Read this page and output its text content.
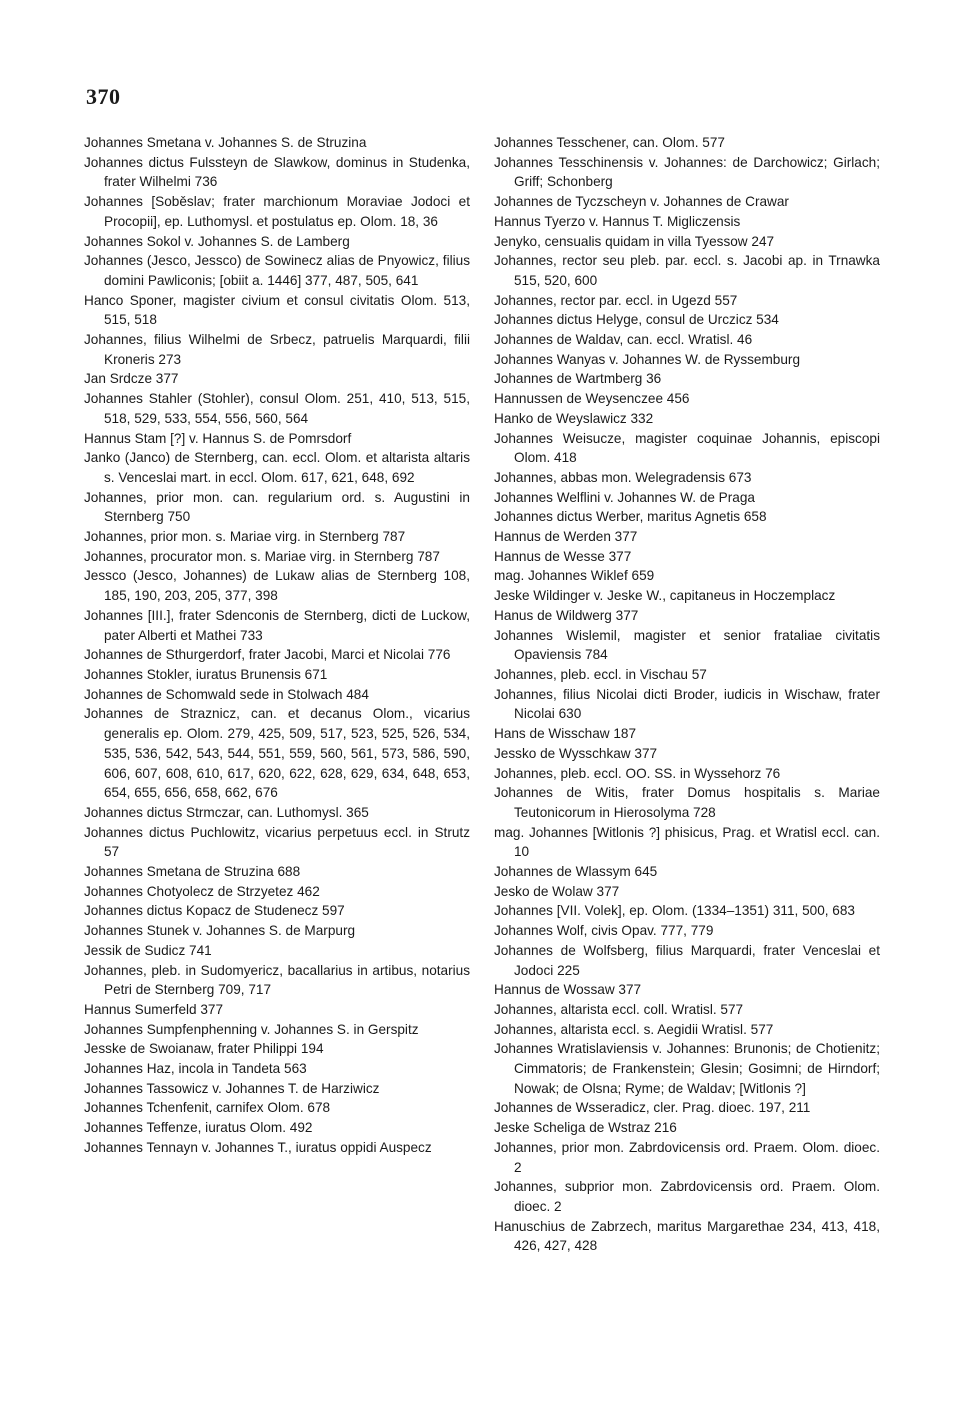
370

Johannes Smetana v. Johannes S. de Struzina

Johannes dictus Fulssteyn de Slawkow, dominus in Studenka, frater Wilhelmi 736

Johannes [Soběslav; frater marchionum Moraviae Jodoci et Procopii], ep. Luthomysl. et postulatus ep. Olom. 18, 36

Johannes Sokol v. Johannes S. de Lamberg

Johannes (Jesco, Jessco) de Sowinecz alias de Pnyowicz, filius domini Pawliconis; [obiit a. 1446] 377, 487, 505, 641

Hanco Sponer, magister civium et consul civitatis Olom. 513, 515, 518

Johannes, filius Wilhelmi de Srbecz, patruelis Marquardi, filii Kroneris 273

Jan Srdcze 377

Johannes Stahler (Stohler), consul Olom. 251, 410, 513, 515, 518, 529, 533, 554, 556, 560, 564

Hannus Stam [?] v. Hannus S. de Pomrsdorf

Janko (Janco) de Sternberg, can. eccl. Olom. et altarista altaris s. Venceslai mart. in eccl. Olom. 617, 621, 648, 692

Johannes, prior mon. can. regularium ord. s. Augustini in Sternberg 750

Johannes, prior mon. s. Mariae virg. in Sternberg 787

Johannes, procurator mon. s. Mariae virg. in Sternberg 787

Jessco (Jesco, Johannes) de Lukaw alias de Sternberg 108, 185, 190, 203, 205, 377, 398

Johannes [III.], frater Sdenconis de Sternberg, dicti de Luckow, pater Alberti et Mathei 733

Johannes de Sthurgerdorf, frater Jacobi, Marci et Nicolai 776

Johannes Stokler, iuratus Brunensis 671

Johannes de Schomwald sede in Stolwach 484

Johannes de Straznicz, can. et decanus Olom., vicarius generalis ep. Olom. 279, 425, 509, 517, 523, 525, 526, 534, 535, 536, 542, 543, 544, 551, 559, 560, 561, 573, 586, 590, 606, 607, 608, 610, 617, 620, 622, 628, 629, 634, 648, 653, 654, 655, 656, 658, 662, 676

Johannes dictus Strmczar, can. Luthomysl. 365

Johannes dictus Puchlowitz, vicarius perpetuus eccl. in Strutz 57

Johannes Smetana de Struzina 688

Johannes Chotyolecz de Strzyetez 462

Johannes dictus Kopacz de Studenecz 597

Johannes Stunek v. Johannes S. de Marpurg

Jessik de Sudicz 741

Johannes, pleb. in Sudomyericz, bacallarius in artibus, notarius Petri de Sternberg 709, 717

Hannus Sumerfeld 377

Johannes Sumpfenphenning v. Johannes S. in Gerspitz

Jesske de Swoianaw, frater Philippi 194

Johannes Haz, incola in Tandeta 563

Johannes Tassowicz v. Johannes T. de Harziwicz

Johannes Tchenfenit, carnifex Olom. 678

Johannes Teffenze, iuratus Olom. 492

Johannes Tennayn v. Johannes T., iuratus oppidi Auspecz

Johannes Tesschener, can. Olom. 577

Johannes Tesschinensis v. Johannes: de Darchowicz; Girlach; Griff; Schonberg

Johannes de Tyczscheyn v. Johannes de Crawar

Hannus Tyerzo v. Hannus T. Migliczensis

Jenyko, censualis quidam in villa Tyessow 247

Johannes, rector seu pleb. par. eccl. s. Jacobi ap. in Trnawka 515, 520, 600

Johannes, rector par. eccl. in Ugezd 557

Johannes dictus Helyge, consul de Urczicz 534

Johannes de Waldav, can. eccl. Wratisl. 46

Johannes Wanyas v. Johannes W. de Ryssemburg

Johannes de Wartmberg 36

Hannussen de Weysenczee 456

Hanko de Weyslawicz 332

Johannes Weisucze, magister coquinae Johannis, episcopi Olom. 418

Johannes, abbas mon. Welegradensis 673

Johannes Welflini v. Johannes W. de Praga

Johannes dictus Werber, maritus Agnetis 658

Hannus de Werden 377

Hannus de Wesse 377

mag. Johannes Wiklef 659

Jeske Wildinger v. Jeske W., capitaneus in Hoczemplacz

Hanus de Wildwerg 377

Johannes Wislemil, magister et senior frataliae civitatis Opaviensis 784

Johannes, pleb. eccl. in Vischau 57

Johannes, filius Nicolai dicti Broder, iudicis in Wischaw, frater Nicolai 630

Hans de Wisschaw 187

Jessko de Wysschkaw 377

Johannes, pleb. eccl. OO. SS. in Wyssehorz 76

Johannes de Witis, frater Domus hospitalis s. Mariae Teutonicorum in Hierosolyma 728

mag. Johannes [Witlonis ?] phisicus, Prag. et Wratisl eccl. can. 10

Johannes de Wlassym 645

Jesko de Wolaw 377

Johannes [VII. Volek], ep. Olom. (1334–1351) 311, 500, 683

Johannes Wolf, civis Opav. 777, 779

Johannes de Wolfsberg, filius Marquardi, frater Venceslai et Jodoci 225

Hannus de Wossaw 377

Johannes, altarista eccl. coll. Wratisl. 577

Johannes, altarista eccl. s. Aegidii Wratisl. 577

Johannes Wratislaviensis v. Johannes: Brunonis; de Chotienitz; Cimmatoris; de Frankenstein; Glesin; Gosimni; de Hirndorf; Nowak; de Olsna; Ryme; de Waldav; [Witlonis ?]

Johannes de Wsseradicz, cler. Prag. dioec. 197, 211

Jeske Scheliga de Wstraz 216

Johannes, prior mon. Zabrdovicensis ord. Praem. Olom. dioec. 2

Johannes, subprior mon. Zabrdovicensis ord. Praem. Olom. dioec. 2

Hanuschius de Zabrzech, maritus Margarethae 234, 413, 418, 426, 427, 428
